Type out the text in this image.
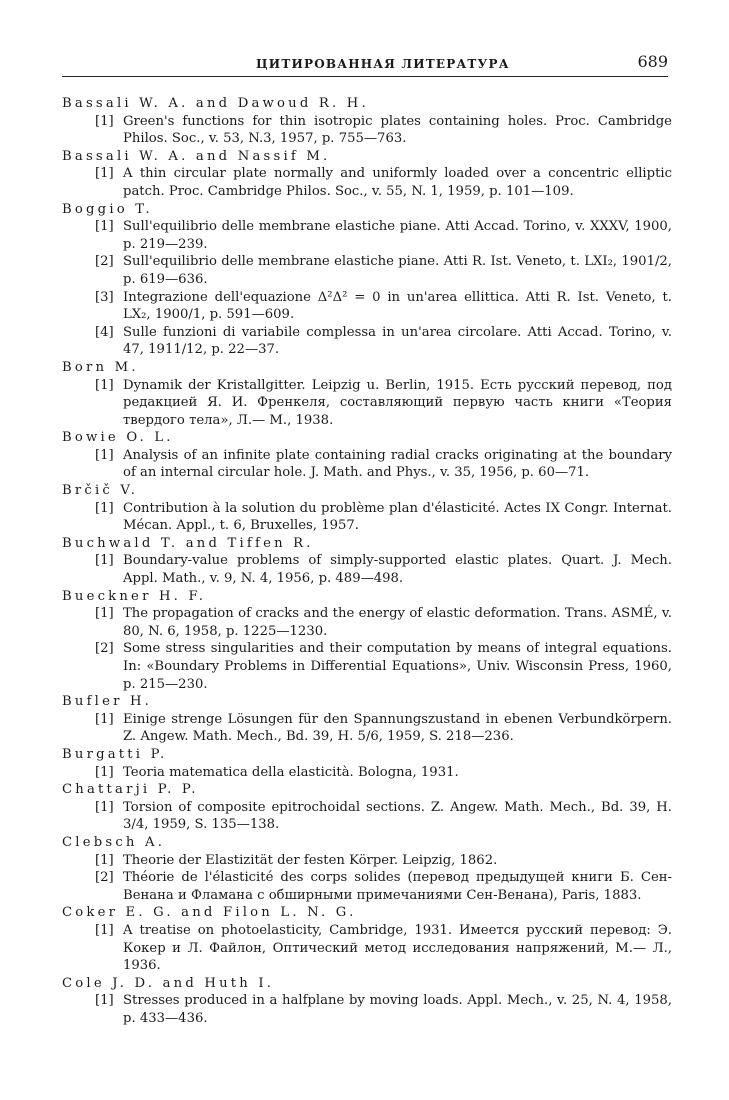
ЦИТИРОВАННАЯ ЛИТЕРАТУРА	689
Bassali W. A. and Dawoud R. H.
[1] Green's functions for thin isotropic plates containing holes. Proc. Cambridge Philos. Soc., v. 53, N.3, 1957, p. 755—763.
Bassali W. A. and Nassif M.
[1] A thin circular plate normally and uniformly loaded over a concentric elliptic patch. Proc. Cambridge Philos. Soc., v. 55, N. 1, 1959, p. 101—109.
Boggio T.
[1] Sull'equilibrio delle membrane elastiche piane. Atti Accad. Torino, v. XXXV, 1900, p. 219—239.
[2] Sull'equilibrio delle membrane elastiche piane. Atti R. Ist. Veneto, t. LXI₂, 1901/2, p. 619—636.
[3] Integrazione dell'equazione Δ²Δ² = 0 in un'area ellittica. Atti R. Ist. Veneto, t. LX₂, 1900/1, p. 591—609.
[4] Sulle funzioni di variabile complessa in un'area circolare. Atti Accad. Torino, v. 47, 1911/12, p. 22—37.
Born M.
[1] Dynamik der Kristallgitter. Leipzig u. Berlin, 1915. Есть русский перевод, под редакцией Я. И. Френкеля, составляющий первую часть книги «Теория твердого тела», Л.— М., 1938.
Bowie O. L.
[1] Analysis of an infinite plate containing radial cracks originating at the boundary of an internal circular hole. J. Math. and Phys., v. 35, 1956, p. 60—71.
Brčič V.
[1] Contribution à la solution du problème plan d'élasticité. Actes IX Congr. Internat. Mécan. Appl., t. 6, Bruxelles, 1957.
Buchwald T. and Tiffen R.
[1] Boundary-value problems of simply-supported elastic plates. Quart. J. Mech. Appl. Math., v. 9, N. 4, 1956, p. 489—498.
Bueckner H. F.
[1] The propagation of cracks and the energy of elastic deformation. Trans. ASMÉ, v. 80, N. 6, 1958, p. 1225—1230.
[2] Some stress singularities and their computation by means of integral equations. In: «Boundary Problems in Differential Equations», Univ. Wisconsin Press, 1960, p. 215—230.
Bufler H.
[1] Einige strenge Lösungen für den Spannungszustand in ebenen Verbundkörpern. Z. Angew. Math. Mech., Bd. 39, H. 5/6, 1959, S. 218—236.
Burgatti P.
[1] Teoria matematica della elasticità. Bologna, 1931.
Chattarji P. P.
[1] Torsion of composite epitrochoidal sections. Z. Angew. Math. Mech., Bd. 39, H. 3/4, 1959, S. 135—138.
Clebsch A.
[1] Theorie der Elastizität der festen Körper. Leipzig, 1862.
[2] Théorie de l'élasticité des corps solides (перевод предыдущей книги Б. Сен-Венана и Фламана с обширными примечаниями Сен-Венана), Paris, 1883.
Coker E. G. and Filon L. N. G.
[1] A treatise on photoelasticity, Cambridge, 1931. Имеется русский перевод: Э. Кокер и Л. Файлон, Оптический метод исследования напряжений, М.— Л., 1936.
Cole J. D. and Huth I.
[1] Stresses produced in a halfplane by moving loads. Appl. Mech., v. 25, N. 4, 1958, p. 433—436.
